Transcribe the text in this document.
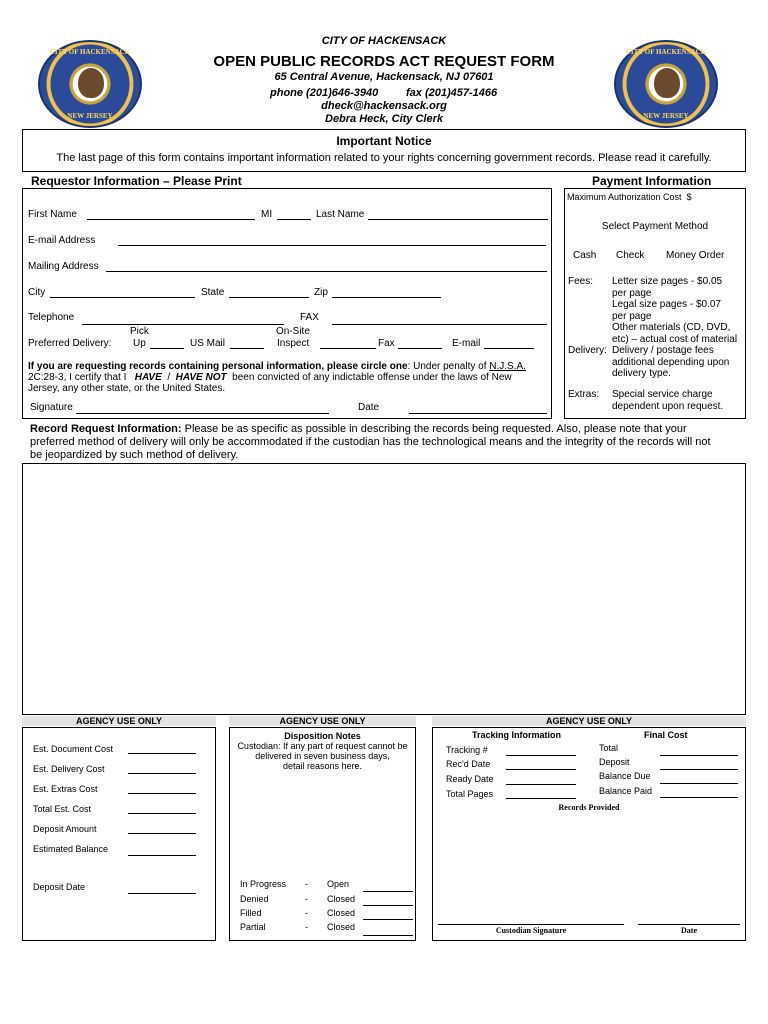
CITY OF HACKENSACK
NEW JERSEY
CITY OF HACKENSACK
NEW JERSEY
CITY OF HACKENSACK
OPEN PUBLIC RECORDS ACT REQUEST FORM
65 Central Avenue, Hackensack, NJ 07601
phone (201)646-3940	fax (201)457-1466
dheck@hackensack.org
Debra Heck, City Clerk
Important Notice
The last page of this form contains important information related to your rights concerning government records. Please read it carefully.
Requestor Information – Please Print	Payment Information
First Name	MI	Last Name
E-mail Address
Mailing Address
City	State	Zip
Telephone	FAX
Preferred Delivery:
Pick
Up	US Mail
On-Site
Inspect	Fax	E-mail
If you are requesting records containing personal information, please circle one: Under penalty of N.J.S.A.
2C:28-3, I certify that I HAVE / HAVE NOT been convicted of any indictable offense under the laws of New
Jersey, any other state, or the United States.
Signature	Date
Maximum Authorization Cost $
Select Payment Method
Cash Check Money Order
Fees: Letter size pages - $0.05
per page
Legal size pages - $0.07
per page
Other materials (CD, DVD,
etc) – actual cost of material
Delivery: Delivery / postage fees
additional depending upon
delivery type.
Extras: Special service charge
dependent upon request.
Record Request Information: Please be as specific as possible in describing the records being requested. Also, please note that your
preferred method of delivery will only be accommodated if the custodian has the technological means and the integrity of the records will not
be jeopardized by such method of delivery.
AGENCY USE ONLY	AGENCY USE ONLY	AGENCY USE ONLY
Est. Document Cost
Est. Delivery Cost
Est. Extras Cost
Total Est. Cost
Deposit Amount
Estimated Balance
Deposit Date
Disposition Notes
Custodian: If any part of request cannot be
delivered in seven business days,
detail reasons here.
In Progress - Open
Denied	- Closed
Filled	- Closed
Partial	- Closed
Tracking Information	Final Cost
Tracking #
Rec'd Date
Ready Date
Total Pages
Total
Deposit
Balance Due
Balance Paid
Records Provided
Custodian Signature	Date
